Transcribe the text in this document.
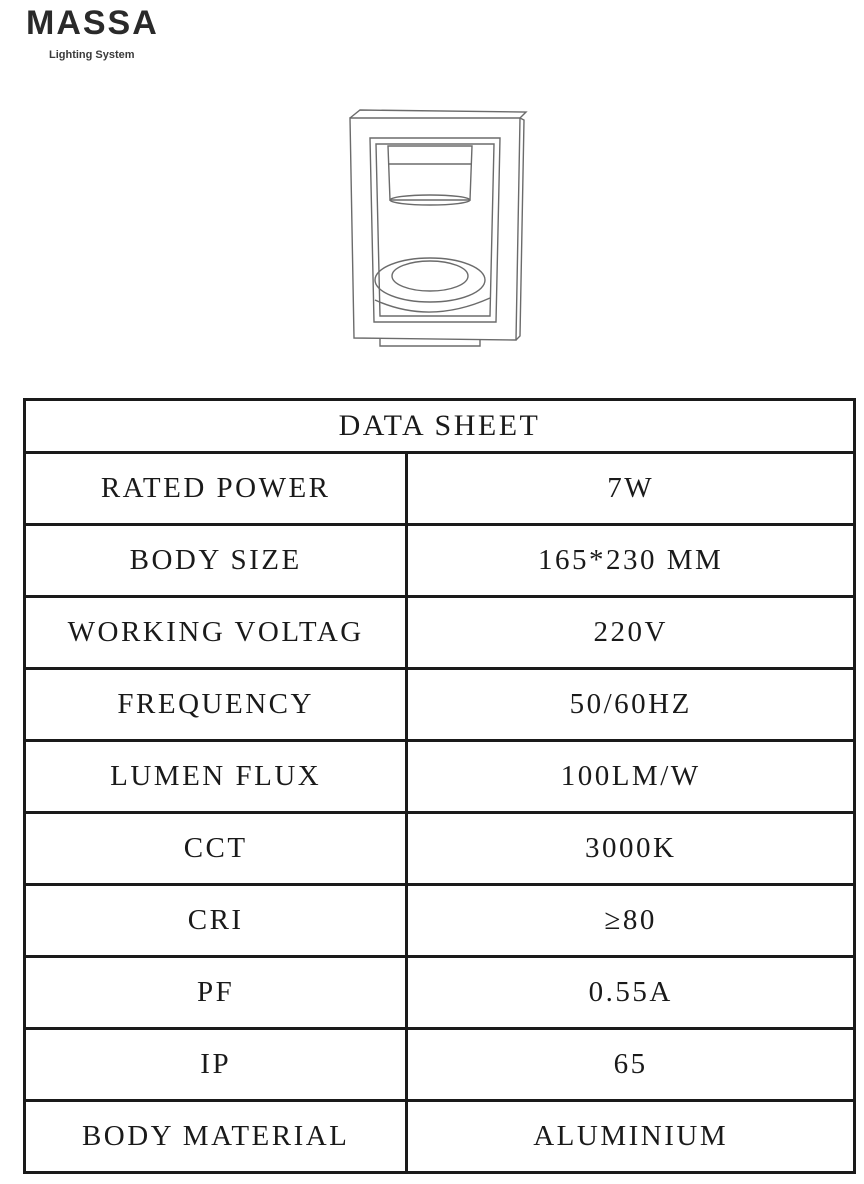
MASSA
Lighting System
DATA SHEET	
RATED POWER	7W
BODY SIZE	165*230 MM
WORKING VOLTAG	220V
FREQUENCY	50/60HZ
LUMEN FLUX	100LM/W
CCT	3000K
CRI	≥80
PF	0.55A
IP	65
BODY MATERIAL	ALUMINIUM
